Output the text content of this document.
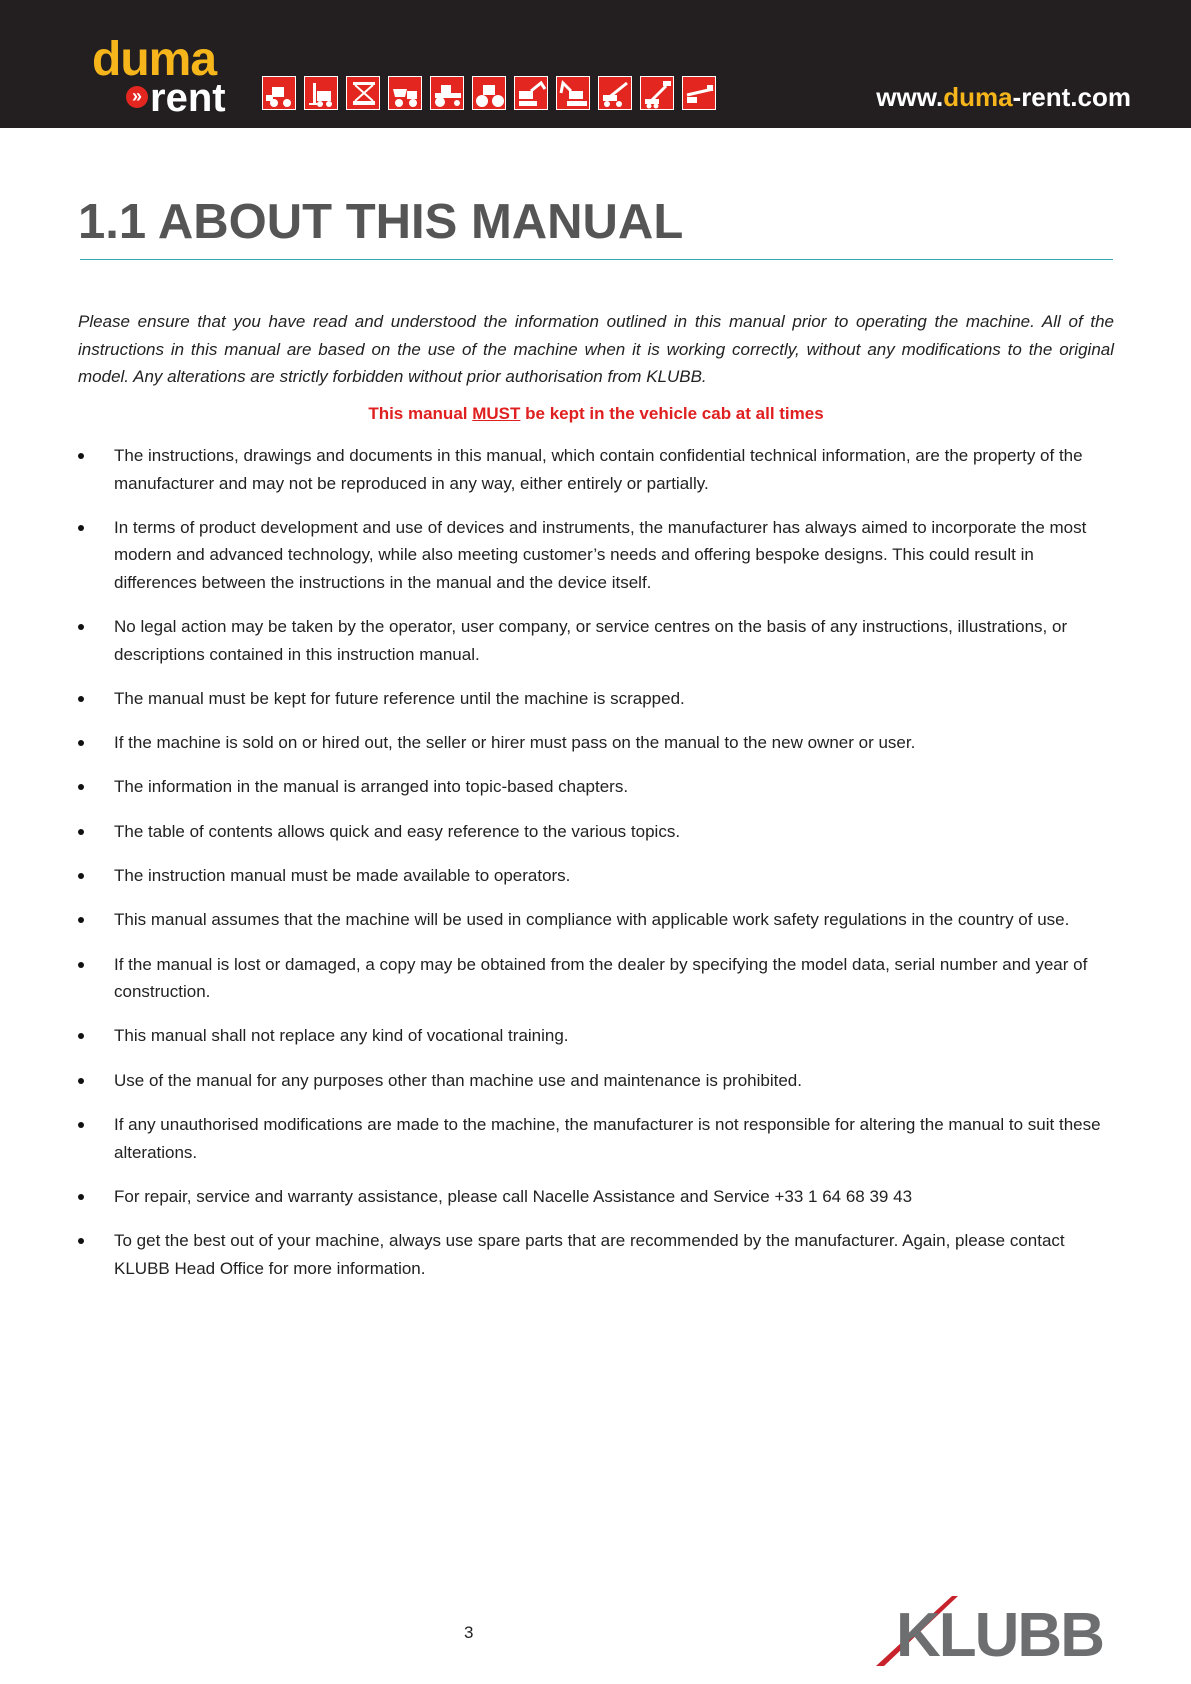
duma
» rent	www.duma-rent.com
1.1 ABOUT THIS MANUAL

Please ensure that you have read and understood the information outlined in this manual prior to operating the machine. All of the instructions in this manual are based on the use of the machine when it is working correctly, without any modifications to the original model. Any alterations are strictly forbidden without prior authorisation from KLUBB.

This manual MUST be kept in the vehicle cab at all times

The instructions, drawings and documents in this manual, which contain confidential technical information, are the property of the manufacturer and may not be reproduced in any way, either entirely or partially.
In terms of product development and use of devices and instruments, the manufacturer has always aimed to incorporate the most modern and advanced technology, while also meeting customer’s needs and offering bespoke designs. This could result in differences between the instructions in the manual and the device itself.
No legal action may be taken by the operator, user company, or service centres on the basis of any instructions, illustrations, or descriptions contained in this instruction manual.
The manual must be kept for future reference until the machine is scrapped.
If the machine is sold on or hired out, the seller or hirer must pass on the manual to the new owner or user.
The information in the manual is arranged into topic-based chapters.
The table of contents allows quick and easy reference to the various topics.
The instruction manual must be made available to operators.
This manual assumes that the machine will be used in compliance with applicable work safety regulations in the country of use.
If the manual is lost or damaged, a copy may be obtained from the dealer by specifying the model data, serial number and year of construction.
This manual shall not replace any kind of vocational training.
Use of the manual for any purposes other than machine use and maintenance is prohibited.
If any unauthorised modifications are made to the machine, the manufacturer is not responsible for altering the manual to suit these alterations.
For repair, service and warranty assistance, please call Nacelle Assistance and Service +33 1 64 68 39 43
To get the best out of your machine, always use spare parts that are recommended by the manufacturer. Again, please contact KLUBB Head Office for more information.
3	KLUBB
